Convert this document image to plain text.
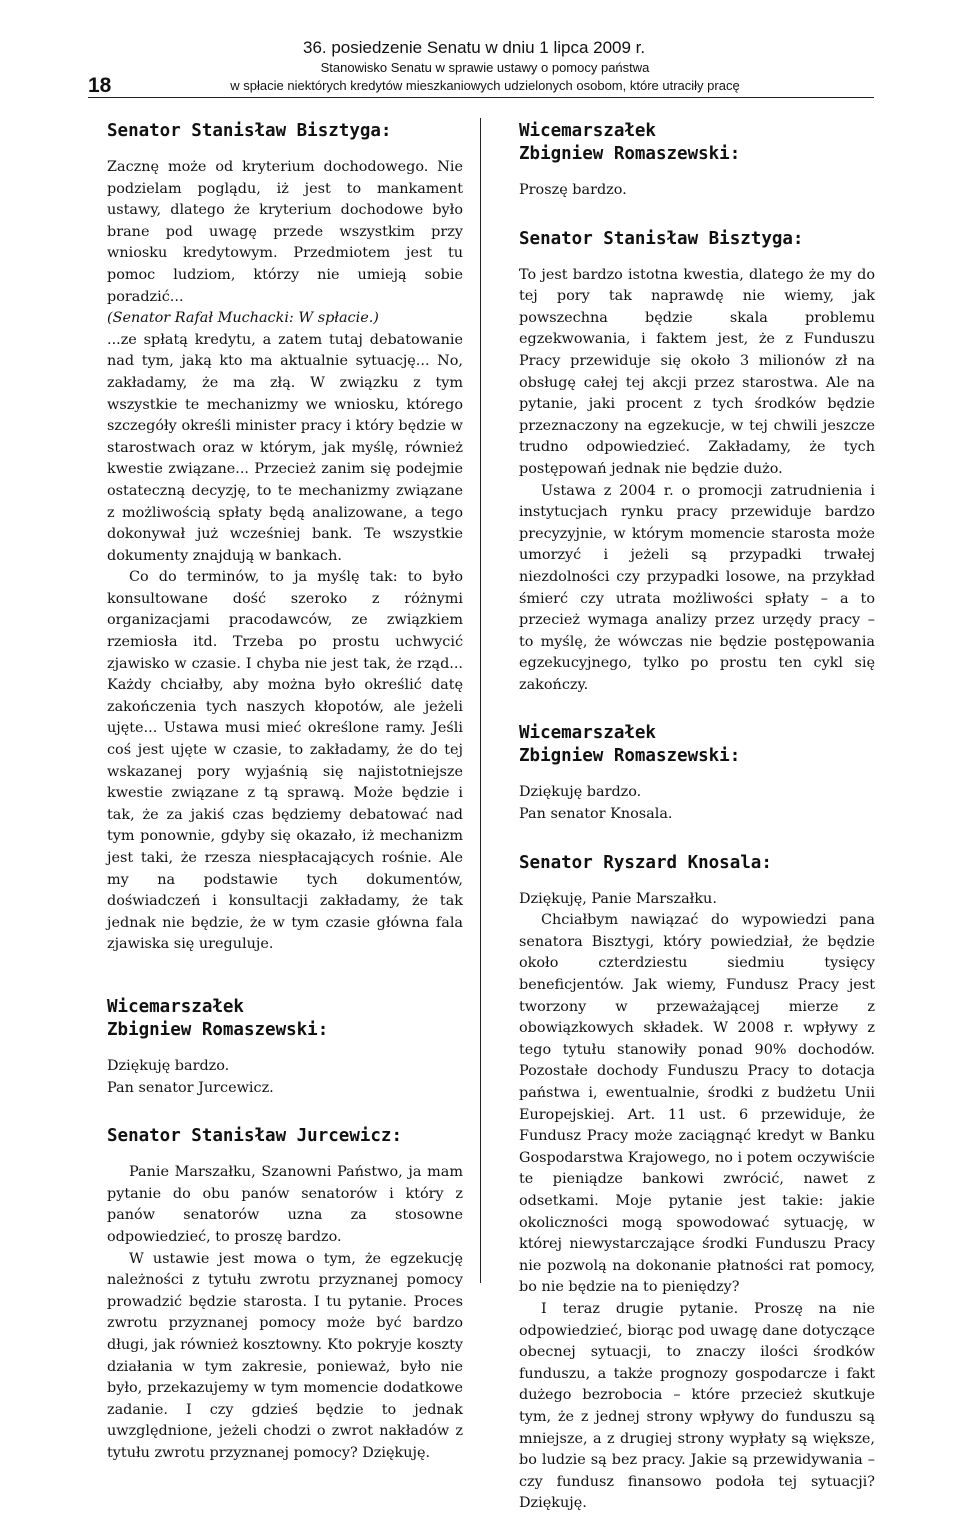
18
36. posiedzenie Senatu w dniu 1 lipca 2009 r.
Stanowisko Senatu w sprawie ustawy o pomocy państwa
w spłacie niektórych kredytów mieszkaniowych udzielonych osobom, które utraciły pracę
Senator Stanisław Bisztyga:

Zacznę może od kryterium dochodowego. Nie podzielam poglądu, iż jest to mankament ustawy, dlatego że kryterium dochodowe było brane pod uwagę przede wszystkim przy wniosku kredytowym. Przedmiotem jest tu pomoc ludziom, którzy nie umieją sobie poradzić...

(Senator Rafał Muchacki: W spłacie.)

...ze spłatą kredytu, a zatem tutaj debatowanie nad tym, jaką kto ma aktualnie sytuację... No, zakładamy, że ma złą. W związku z tym wszystkie te mechanizmy we wniosku, którego szczegóły określi minister pracy i który będzie w starostwach oraz w którym, jak myślę, również kwestie związane... Przecież zanim się podejmie ostateczną decyzję, to te mechanizmy związane z możliwością spłaty będą analizowane, a tego dokonywał już wcześniej bank. Te wszystkie dokumenty znajdują w bankach.

Co do terminów, to ja myślę tak: to było konsultowane dość szeroko z różnymi organizacjami pracodawców, ze związkiem rzemiosła itd. Trzeba po prostu uchwycić zjawisko w czasie. I chyba nie jest tak, że rząd... Każdy chciałby, aby można było określić datę zakończenia tych naszych kłopotów, ale jeżeli ujęte... Ustawa musi mieć określone ramy. Jeśli coś jest ujęte w czasie, to zakładamy, że do tej wskazanej pory wyjaśnią się najistotniejsze kwestie związane z tą sprawą. Może będzie i tak, że za jakiś czas będziemy debatować nad tym ponownie, gdyby się okazało, iż mechanizm jest taki, że rzesza niespłacających rośnie. Ale my na podstawie tych dokumentów, doświadczeń i konsultacji zakładamy, że tak jednak nie będzie, że w tym czasie główna fala zjawiska się ureguluje.

Wicemarszałek
Zbigniew Romaszewski:

Dziękuję bardzo.

Pan senator Jurcewicz.

Senator Stanisław Jurcewicz:

Panie Marszałku, Szanowni Państwo, ja mam pytanie do obu panów senatorów i który z panów senatorów uzna za stosowne odpowiedzieć, to proszę bardzo.

W ustawie jest mowa o tym, że egzekucję należności z tytułu zwrotu przyznanej pomocy prowadzić będzie starosta. I tu pytanie. Proces zwrotu przyznanej pomocy może być bardzo długi, jak również kosztowny. Kto pokryje koszty działania w tym zakresie, ponieważ, było nie było, przekazujemy w tym momencie dodatkowe zadanie. I czy gdzieś będzie to jednak uwzględnione, jeżeli chodzi o zwrot nakładów z tytułu zwrotu przyznanej pomocy? Dziękuję.

Wicemarszałek
Zbigniew Romaszewski:

Proszę bardzo.

Senator Stanisław Bisztyga:

To jest bardzo istotna kwestia, dlatego że my do tej pory tak naprawdę nie wiemy, jak powszechna będzie skala problemu egzekwowania, i faktem jest, że z Funduszu Pracy przewiduje się około 3 milionów zł na obsługę całej tej akcji przez starostwa. Ale na pytanie, jaki procent z tych środków będzie przeznaczony na egzekucje, w tej chwili jeszcze trudno odpowiedzieć. Zakładamy, że tych postępowań jednak nie będzie dużo.

Ustawa z 2004 r. o promocji zatrudnienia i instytucjach rynku pracy przewiduje bardzo precyzyjnie, w którym momencie starosta może umorzyć i jeżeli są przypadki trwałej niezdolności czy przypadki losowe, na przykład śmierć czy utrata możliwości spłaty – a to przecież wymaga analizy przez urzędy pracy – to myślę, że wówczas nie będzie postępowania egzekucyjnego, tylko po prostu ten cykl się zakończy.

Wicemarszałek
Zbigniew Romaszewski:

Dziękuję bardzo.

Pan senator Knosala.

Senator Ryszard Knosala:

Dziękuję, Panie Marszałku.

Chciałbym nawiązać do wypowiedzi pana senatora Bisztygi, który powiedział, że będzie około czterdziestu siedmiu tysięcy beneficjentów. Jak wiemy, Fundusz Pracy jest tworzony w przeważającej mierze z obowiązkowych składek. W 2008 r. wpływy z tego tytułu stanowiły ponad 90% dochodów. Pozostałe dochody Funduszu Pracy to dotacja państwa i, ewentualnie, środki z budżetu Unii Europejskiej. Art. 11 ust. 6 przewiduje, że Fundusz Pracy może zaciągnąć kredyt w Banku Gospodarstwa Krajowego, no i potem oczywiście te pieniądze bankowi zwrócić, nawet z odsetkami. Moje pytanie jest takie: jakie okoliczności mogą spowodować sytuację, w której niewystarczające środki Funduszu Pracy nie pozwolą na dokonanie płatności rat pomocy, bo nie będzie na to pieniędzy?

I teraz drugie pytanie. Proszę na nie odpowiedzieć, biorąc pod uwagę dane dotyczące obecnej sytuacji, to znaczy ilości środków funduszu, a także prognozy gospodarcze i fakt dużego bezrobocia – które przecież skutkuje tym, że z jednej strony wpływy do funduszu są mniejsze, a z drugiej strony wypłaty są większe, bo ludzie są bez pracy. Jakie są przewidywania – czy fundusz finansowo podoła tej sytuacji? Dziękuję.
